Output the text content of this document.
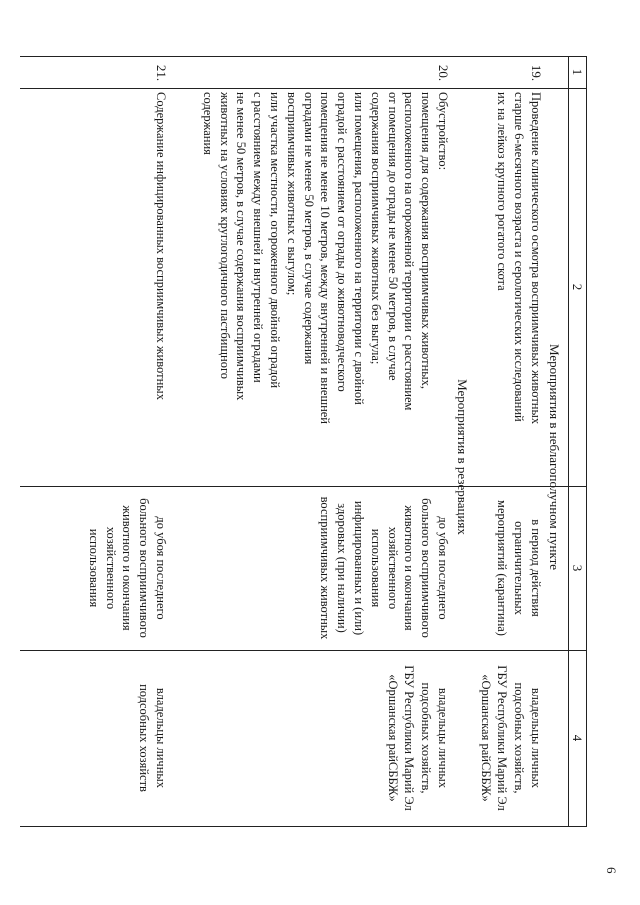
6
1
2
3
4
Мероприятия в неблагополучном пункте
19.
Проведение клинического осмотра восприимчивых животных
старше 6-месячного возраста и серологических исследований
их на лейкоз крупного рогатого скота
в период действия
ограничительных
мероприятий (карантина)
владельцы личных
подсобных хозяйств,
ГБУ Республики Марий Эл
«Оршанская райСББЖ»
Мероприятия в резервациях
20.
Обустройство:
помещения для содержания восприимчивых животных,
расположенного на огороженной территории с расстоянием
от помещения до ограды не менее 50 метров, в случае
содержания восприимчивых животных без выгула;
или помещения, расположенного на территории с двойной
оградой с расстоянием от ограды до животноводческого
помещения не менее 10 метров, между внутренней и внешней
оградами не менее 50 метров, в случае содержания
восприимчивых животных с выгулом;
или участка местности, огороженного двойной оградой
с расстоянием между внешней и внутренней оградами
не менее 50 метров, в случае содержания восприимчивых
животных на условиях круглогодичного пастбищного
содержания
до убоя последнего
больного восприимчивого
животного и окончания
хозяйственного
использования
инфицированных и (или)
здоровых (при наличии)
восприимчивых животных
владельцы личных
подсобных хозяйств,
ГБУ Республики Марий Эл
«Оршанская райСББЖ»
21.
Содержание инфицированных восприимчивых животных
до убоя последнего
больного восприимчивого
животного и окончания
хозяйственного
использования
владельцы личных
подсобных хозяйств
